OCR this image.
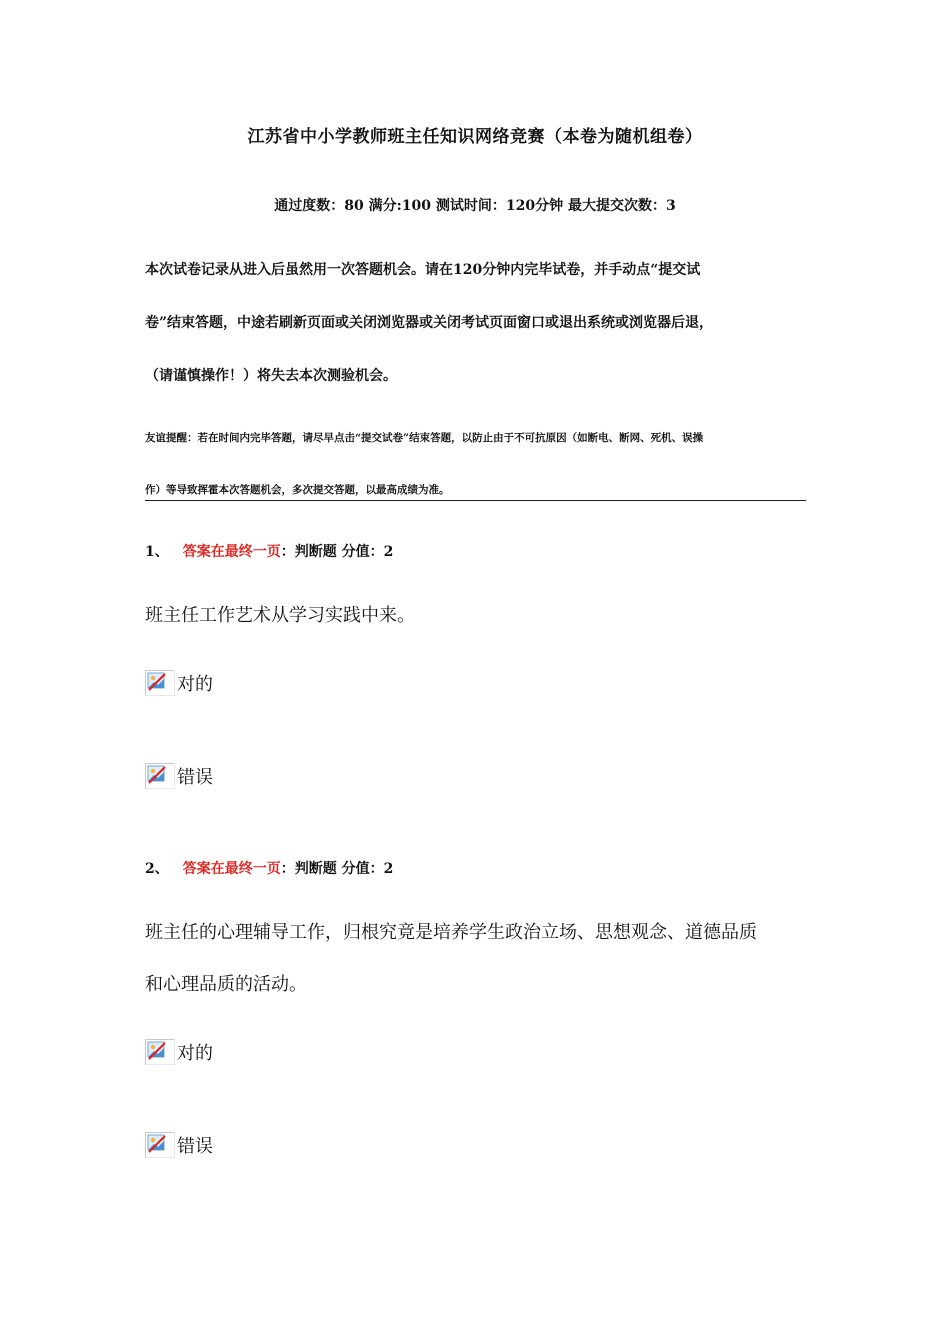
江苏省中小学教师班主任知识网络竞赛（本卷为随机组卷）
通过度数：80 满分:100 测试时间：120分钟 最大提交次数：3
本次试卷记录从进入后虽然用一次答题机会。请在120分钟内完毕试卷，并手动点“提交试
卷”结束答题，中途若刷新页面或关闭浏览器或关闭考试页面窗口或退出系统或浏览器后退，
（请谨慎操作！）将失去本次测验机会。
友谊提醒：若在时间内完毕答题，请尽早点击“提交试卷”结束答题，以防止由于不可抗原因（如断电、断网、死机、误操
作）等导致挥霍本次答题机会，多次提交答题，以最高成绩为准。
1、 答案在最终一页：判断题 分值：2
班主任工作艺术从学习实践中来。
对的
错误
2、 答案在最终一页：判断题 分值：2
班主任的心理辅导工作，归根究竟是培养学生政治立场、思想观念、道德品质
和心理品质的活动。
对的
错误
